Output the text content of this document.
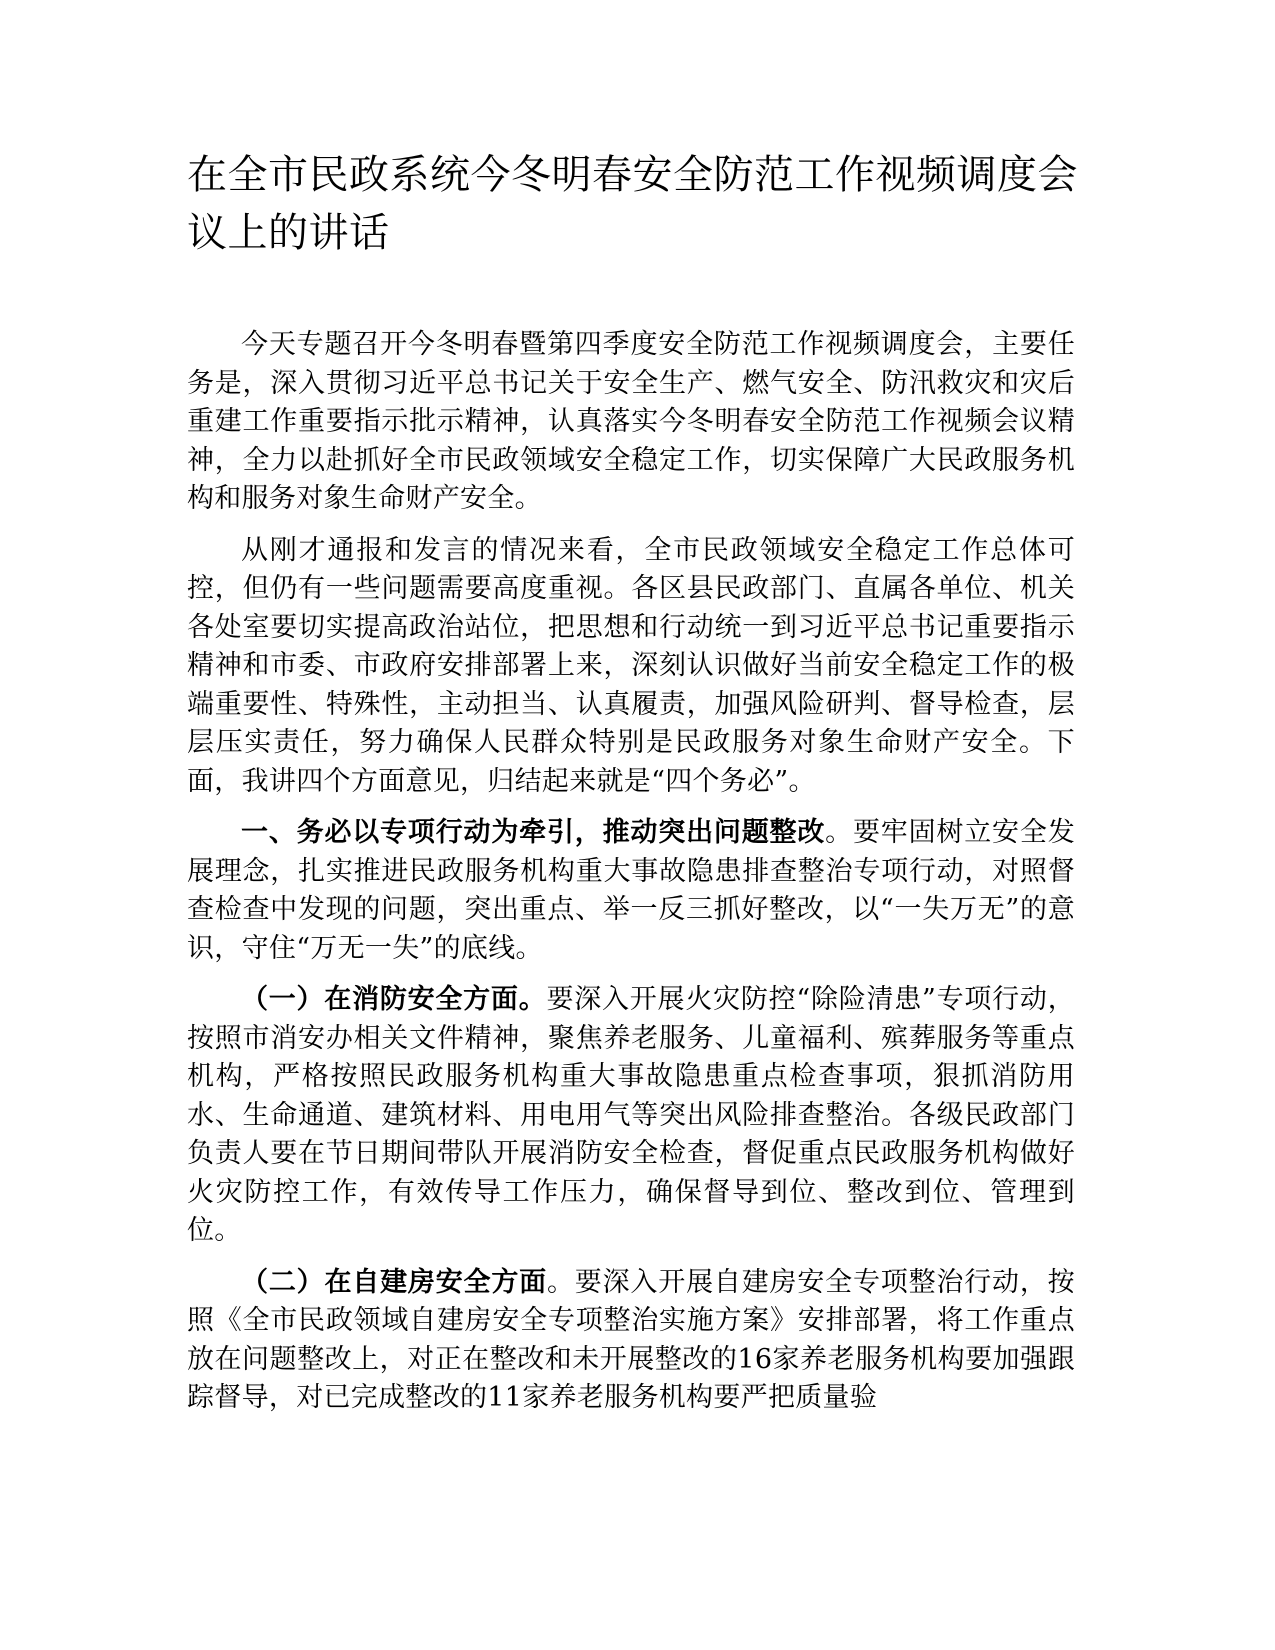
在全市民政系统今冬明春安全防范工作视频调度会议上的讲话

今天专题召开今冬明春暨第四季度安全防范工作视频调度会，主要任务是，深入贯彻习近平总书记关于安全生产、燃气安全、防汛救灾和灾后重建工作重要指示批示精神，认真落实今冬明春安全防范工作视频会议精神，全力以赴抓好全市民政领域安全稳定工作，切实保障广大民政服务机构和服务对象生命财产安全。

从刚才通报和发言的情况来看，全市民政领域安全稳定工作总体可控，但仍有一些问题需要高度重视。各区县民政部门、直属各单位、机关各处室要切实提高政治站位，把思想和行动统一到习近平总书记重要指示精神和市委、市政府安排部署上来，深刻认识做好当前安全稳定工作的极端重要性、特殊性，主动担当、认真履责，加强风险研判、督导检查，层层压实责任，努力确保人民群众特别是民政服务对象生命财产安全。下面，我讲四个方面意见，归结起来就是“四个务必”。

一、务必以专项行动为牵引，推动突出问题整改。要牢固树立安全发展理念，扎实推进民政服务机构重大事故隐患排查整治专项行动，对照督查检查中发现的问题，突出重点、举一反三抓好整改，以“一失万无”的意识，守住“万无一失”的底线。

（一）在消防安全方面。要深入开展火灾防控“除险清患”专项行动，按照市消安办相关文件精神，聚焦养老服务、儿童福利、殡葬服务等重点机构，严格按照民政服务机构重大事故隐患重点检查事项，狠抓消防用水、生命通道、建筑材料、用电用气等突出风险排查整治。各级民政部门负责人要在节日期间带队开展消防安全检查，督促重点民政服务机构做好火灾防控工作，有效传导工作压力，确保督导到位、整改到位、管理到位。

（二）在自建房安全方面。要深入开展自建房安全专项整治行动，按照《全市民政领域自建房安全专项整治实施方案》安排部署，将工作重点放在问题整改上，对正在整改和未开展整改的16家养老服务机构要加强跟踪督导，对已完成整改的11家养老服务机构要严把质量验
